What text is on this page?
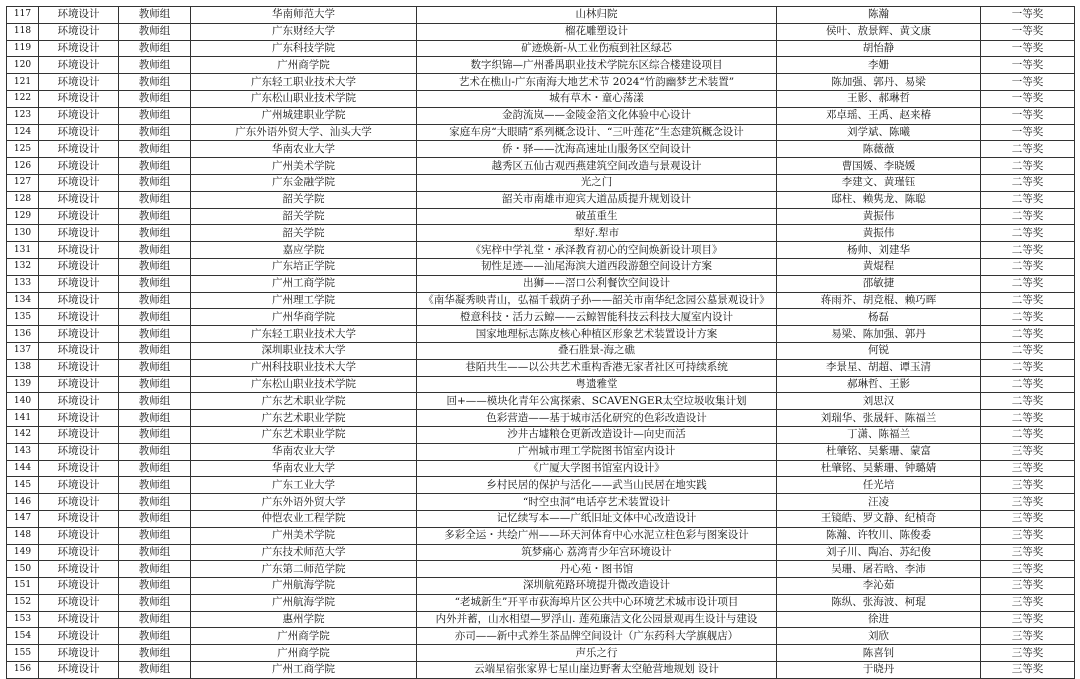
117	环境设计	教师组	华南师范大学	山林归院	陈瀚	一等奖
118	环境设计	教师组	广东财经大学	榴花雕塑设计	侯叶、敖景辉、黄文康	一等奖
119	环境设计	教师组	广东科技学院	矿迹焕新-从工业伤痕到社区绿芯	胡怡静	一等奖
120	环境设计	教师组	广州商学院	数字织锦—广州番禺职业技术学院东区综合楼建设项目	李姗	一等奖
121	环境设计	教师组	广东轻工职业技术大学	艺术在樵山-广东南海大地艺术节 2024“竹韵幽梦艺术装置”	陈加强、郭丹、易梁	一等奖
122	环境设计	教师组	广东松山职业技术学院	城有草木・童心荡漾	王影、郝琳哲	一等奖
123	环境设计	教师组	广州城建职业学院	金韵流岚——金陵金箔文化体验中心设计	邓卓瑶、王禹、赵来椿	一等奖
124	环境设计	教师组	广东外语外贸大学、汕头大学	家庭车房“大眼睛”系列概念设计、“三叶莲花”生态建筑概念设计	刘学斌、陈曦	一等奖
125	环境设计	教师组	华南农业大学	侨・驿——沈海高速址山服务区空间设计	陈薇薇	二等奖
126	环境设计	教师组	广州美术学院	越秀区五仙古观西燕建筑空间改造与景观设计	曹国媛、李晓媛	二等奖
127	环境设计	教师组	广东金融学院	光之门	李建文、黄瑾钰	二等奖
128	环境设计	教师组	韶关学院	韶关市南雄市迎宾大道品质提升规划设计	邸柱、赖隽龙、陈聪	二等奖
129	环境设计	教师组	韶关学院	破茧重生	黄振伟	二等奖
130	环境设计	教师组	韶关学院	犁好.犁市	黄振伟	二等奖
131	环境设计	教师组	嘉应学院	《宪梓中学礼堂・承泽教育初心的空间焕新设计项目》	杨帅、刘建华	二等奖
132	环境设计	教师组	广东培正学院	韧性足迹——汕尾海滨大道西段游憩空间设计方案	黄焜程	二等奖
133	环境设计	教师组	广州工商学院	出狮——滘口公利餐饮空间设计	邵敏捷	二等奖
134	环境设计	教师组	广州理工学院	《南华凝秀映青山，弘福千载荫子孙——韶关市南华纪念园公墓景观设计》	蒋雨芥、胡竞棍、赖巧晖	二等奖
135	环境设计	教师组	广州华商学院	橙意科技・活力云鲸——云鲸智能科技云科技大厦室内设计	杨磊	二等奖
136	环境设计	教师组	广东轻工职业技术大学	国家地理标志陈皮核心种植区形象艺术装置设计方案	易梁、陈加强、郭丹	二等奖
137	环境设计	教师组	深圳职业技术大学	叠石胜景-海之礁	何锐	二等奖
138	环境设计	教师组	广州科技职业技术大学	巷陌共生——以公共艺术重构香港无家者社区可持续系统	李景星、胡超、谭玉清	二等奖
139	环境设计	教师组	广东松山职业技术学院	粤遗雅堂	郝琳哲、王影	二等奖
140	环境设计	教师组	广东艺术职业学院	回+——模块化青年公寓探索、SCAVENGER太空垃圾收集计划	刘思汉	二等奖
141	环境设计	教师组	广东艺术职业学院	色彩营造——基于城市活化研究的色彩改造设计	刘瑞华、张晟轩、陈福兰	二等奖
142	环境设计	教师组	广东艺术职业学院	沙井古墟粮仓更新改造设计—向史而活	丁潇、陈福兰	二等奖
143	环境设计	教师组	华南农业大学	广州城市理工学院图书馆室内设计	杜肇铭、吴紫珊、蒙富	三等奖
144	环境设计	教师组	华南农业大学	《广厦大学图书馆室内设计》	杜肇铭、吴紫珊、钟璐婧	三等奖
145	环境设计	教师组	广东工业大学	乡村民居的保护与活化——武当山民居在地实践	任光培	三等奖
146	环境设计	教师组	广东外语外贸大学	“时空虫洞”电话亭艺术装置设计	汪凌	三等奖
147	环境设计	教师组	仲恺农业工程学院	记忆续写本——广纸旧址文体中心改造设计	王镜皓、罗文静、纪楨奇	三等奖
148	环境设计	教师组	广州美术学院	多彩全运・共绘广州——环天河体育中心水泥立柱色彩与图案设计	陈瀚、许牧川、陈俊委	三等奖
149	环境设计	教师组	广东技术师范大学	筑梦痛心 荔湾青少年宫环境设计	刘子川、陶冶、苏纪俊	三等奖
150	环境设计	教师组	广东第二师范学院	丹心苑・图书馆	吴珊、屠若晗、李沛	三等奖
151	环境设计	教师组	广州航海学院	深圳航苑路环境提升微改造设计	李沁茹	三等奖
152	环境设计	教师组	广州航海学院	“老城新生”开平市荻海埠片区公共中心环境艺术城市设计项目	陈纵、张海波、柯琨	三等奖
153	环境设计	教师组	惠州学院	内外并蓄，山水相望—罗浮山. 莲苑廉洁文化公园景观再生设计与建设	徐进	三等奖
154	环境设计	教师组	广州商学院	亦司——新中式养生茶品牌空间设计（广东药科大学旗舰店）	刘欣	三等奖
155	环境设计	教师组	广州商学院	声乐之行	陈喜钊	三等奖
156	环境设计	教师组	广州工商学院	云端星宿张家界七星山崖边野奢太空舱营地规划 设计	于晓丹	三等奖
